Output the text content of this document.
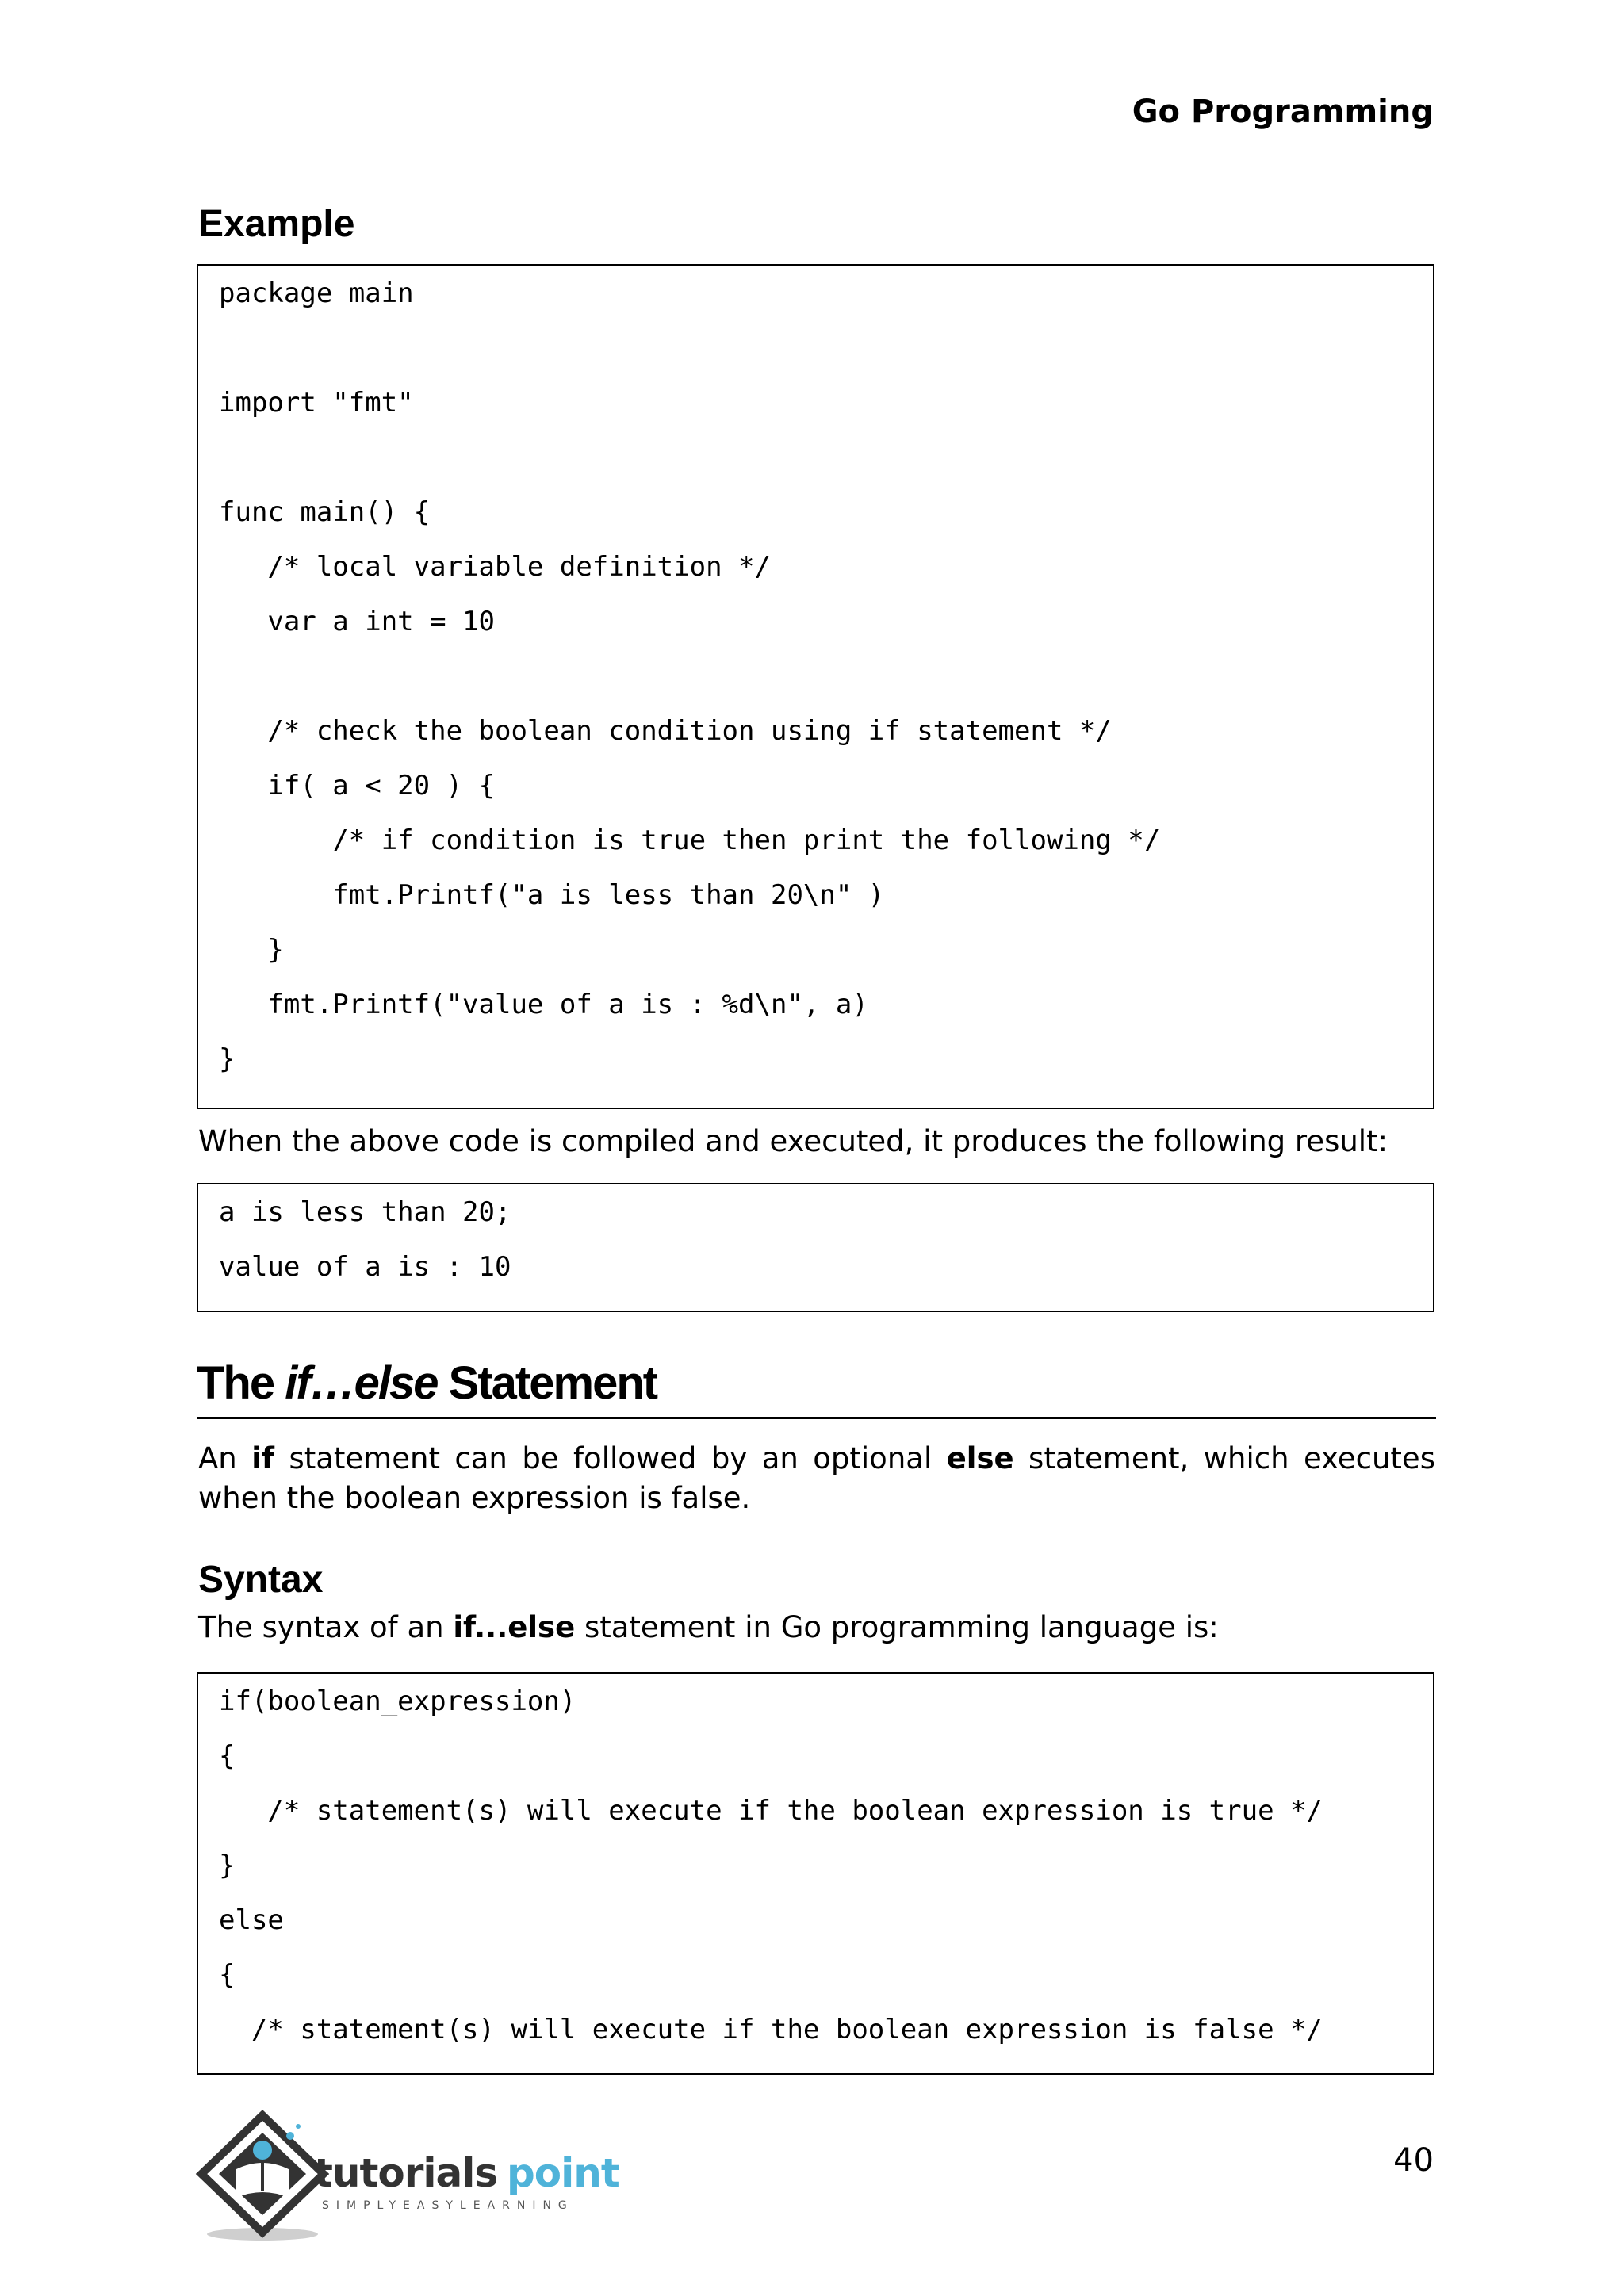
Go Programming
Example
package main
import "fmt"
func main() {
/* local variable definition */
var a int = 10
/* check the boolean condition using if statement */
if( a < 20 ) {
/* if condition is true then print the following */
fmt.Printf("a is less than 20\n" )
}
fmt.Printf("value of a is : %d\n", a)
}
When the above code is compiled and executed, it produces the following result:
a is less than 20;
value of a is : 10
The if…else Statement
An if statement can be followed by an optional else statement, which executes when the boolean expression is false.
Syntax
The syntax of an if...else statement in Go programming language is:
if(boolean_expression)
{
/* statement(s) will execute if the boolean expression is true */
}
else
{
/* statement(s) will execute if the boolean expression is false */
tutorials point
SIMPLYEASYLEARNING
40
